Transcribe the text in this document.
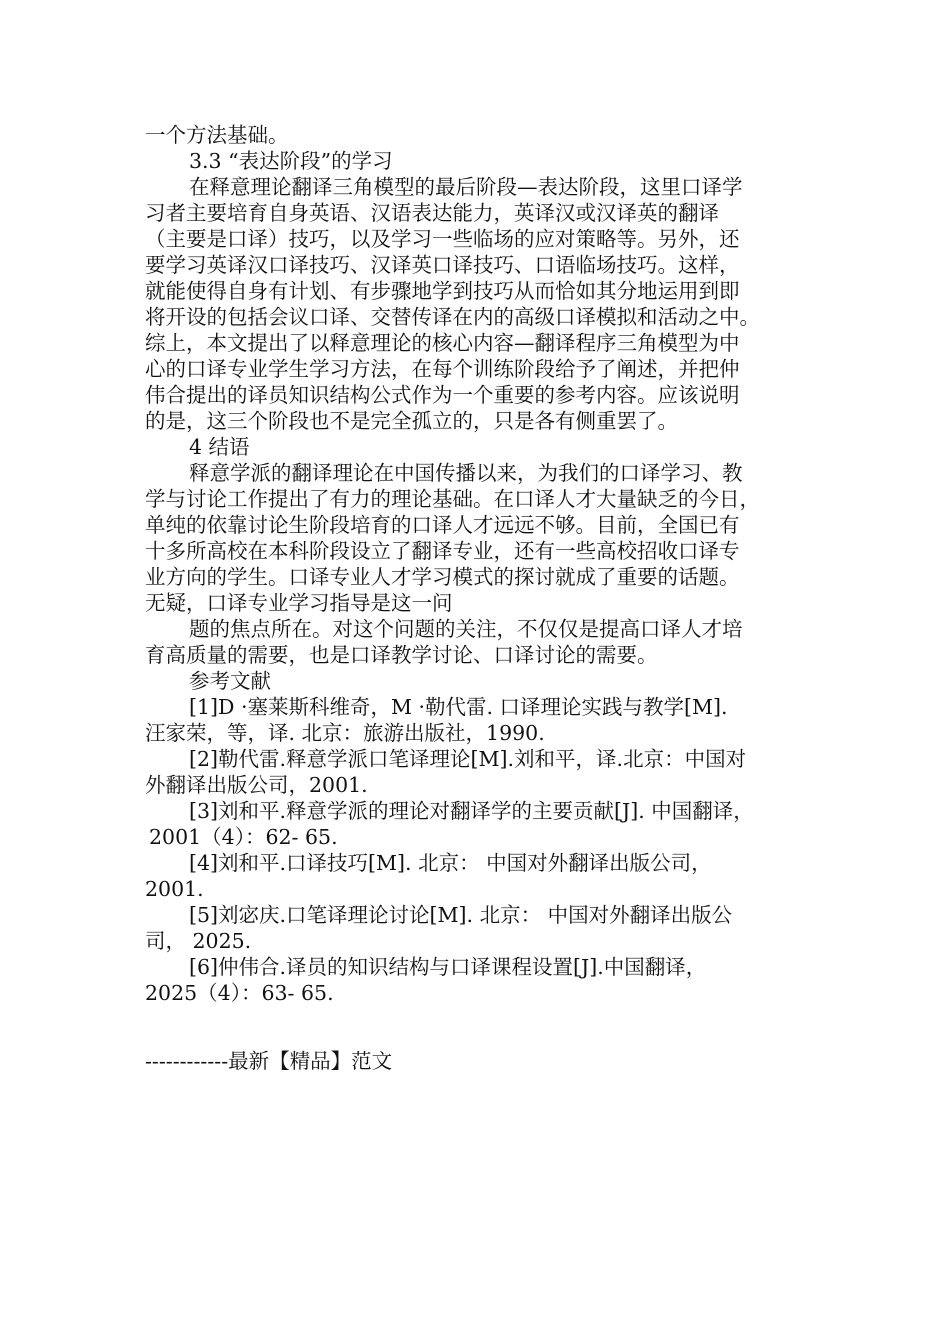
一个方法基础。
3.3 “表达阶段”的学习
在释意理论翻译三角模型的最后阶段—表达阶段，这里口译学
习者主要培育自身英语、汉语表达能力，英译汉或汉译英的翻译
（主要是口译）技巧，以及学习一些临场的应对策略等。另外，还
要学习英译汉口译技巧、汉译英口译技巧、口语临场技巧。这样，
就能使得自身有计划、有步骤地学到技巧从而恰如其分地运用到即
将开设的包括会议口译、交替传译在内的高级口译模拟和活动之中。
综上，本文提出了以释意理论的核心内容—翻译程序三角模型为中
心的口译专业学生学习方法，在每个训练阶段给予了阐述，并把仲
伟合提出的译员知识结构公式作为一个重要的参考内容。应该说明
的是，这三个阶段也不是完全孤立的，只是各有侧重罢了。
4 结语
释意学派的翻译理论在中国传播以来，为我们的口译学习、教
学与讨论工作提出了有力的理论基础。在口译人才大量缺乏的今日，
单纯的依靠讨论生阶段培育的口译人才远远不够。目前，全国已有
十多所高校在本科阶段设立了翻译专业，还有一些高校招收口译专
业方向的学生。口译专业人才学习模式的探讨就成了重要的话题。
无疑，口译专业学习指导是这一问
题的焦点所在。对这个问题的关注，不仅仅是提高口译人才培
育高质量的需要，也是口译教学讨论、口译讨论的需要。
参考文献
[1]D ·塞莱斯科维奇，M ·勒代雷. 口译理论实践与教学[M].
汪家荣，等，译. 北京：旅游出版社，1990.
[2]勒代雷.释意学派口笔译理论[M].刘和平，译.北京：中国对
外翻译出版公司，2001.
[3]刘和平.释意学派的理论对翻译学的主要贡献[J]. 中国翻译，
2001（4）：62- 65.
[4]刘和平.口译技巧[M]. 北京： 中国对外翻译出版公司，
2001.
[5]刘宓庆.口笔译理论讨论[M]. 北京： 中国对外翻译出版公
司， 2025.
[6]仲伟合.译员的知识结构与口译课程设置[J].中国翻译，
2025（4）：63- 65.
------------最新【精品】范文
